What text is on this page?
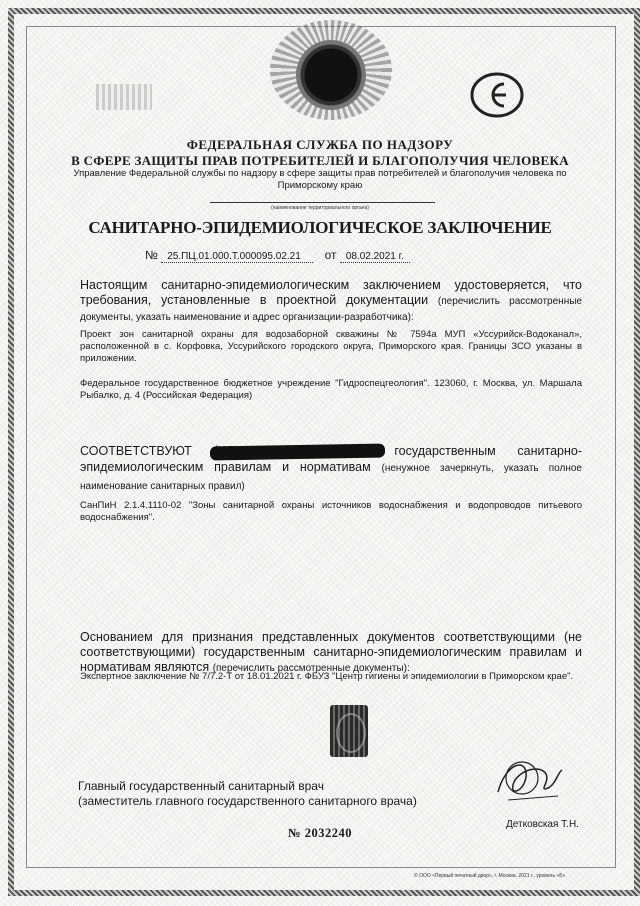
ФЕДЕРАЛЬНАЯ СЛУЖБА ПО НАДЗОРУ
В СФЕРЕ ЗАЩИТЫ ПРАВ ПОТРЕБИТЕЛЕЙ И БЛАГОПОЛУЧИЯ ЧЕЛОВЕКА
Управление Федеральной службы по надзору в сфере защиты прав потребителей и благополучия человека по Приморскому краю
(наименование территориального органа)
САНИТАРНО-ЭПИДЕМИОЛОГИЧЕСКОЕ ЗАКЛЮЧЕНИЕ
№ 25.ПЦ.01.000.Т.000095.02.21 от 08.02.2021 г.
Настоящим санитарно-эпидемиологическим заключением удостоверяется, что требования, установленные в проектной документации (перечислить рассмотренные документы, указать наименование и адрес организации-разработчика):
Проект зон санитарной охраны для водозаборной скважины № 7594а МУП «Уссурийск-Водоканал», расположенной в с. Корфовка, Уссурийского городского округа, Приморского края. Границы ЗСО указаны в приложении.
Федеральное государственное бюджетное учреждение "Гидроспецгеология". 123060, г. Москва, ул. Маршала Рыбалко, д. 4 (Российская Федерация)
СООТВЕТСТВУЮТ	государственным санитарно-эпидемиологическим правилам и нормативам (ненужное зачеркнуть, указать полное наименование санитарных правил)
СанПиН 2.1.4.1110-02 "Зоны санитарной охраны источников водоснабжения и водопроводов питьевого водоснабжения".
Основанием для признания представленных документов соответствующими (не соответствующими) государственным санитарно-эпидемиологическим правилам и нормативам являются (перечислить рассмотренные документы):
Экспертное заключение № 7/7.2-Т от 18.01.2021 г. ФБУЗ "Центр гигиены и эпидемиологии в Приморском крае".
Главный государственный санитарный врач
(заместитель главного государственного санитарного врача)
Детковская Т.Н.
№ 2032240
© ООО «Первый печатный двор», г. Москва, 2021 г., уровень «Б»
